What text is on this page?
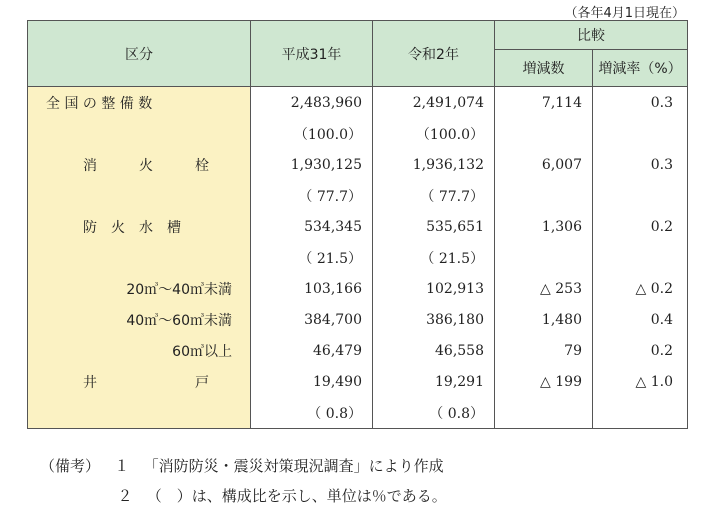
（各年4月1日現在）
区分	平成31年	令和2年	比較	
			増減数	増減率（%）
全 国 の 整 備 数	2,483,960	2,491,074	7,114	0.3
	（100.0）	（100.0）		
消　　　火　　　栓	1,930,125	1,936,132	6,007	0.3
	（ 77.7）	（ 77.7）		
防　火　水　槽	534,345	535,651	1,306	0.2
	（ 21.5）	（ 21.5）		
20㎥～40㎥未満	103,166	102,913	△ 253	△ 0.2
40㎥～60㎥未満	384,700	386,180	1,480	0.4
60㎥以上	46,479	46,558	79	0.2
井　　　　　　　戸	19,490	19,291	△ 199	△ 1.0
	（ 0.8）	（ 0.8）		
（備考） １ 「消防防災・震災対策現況調査」により作成
２ （　）は、構成比を示し、単位は％である。
